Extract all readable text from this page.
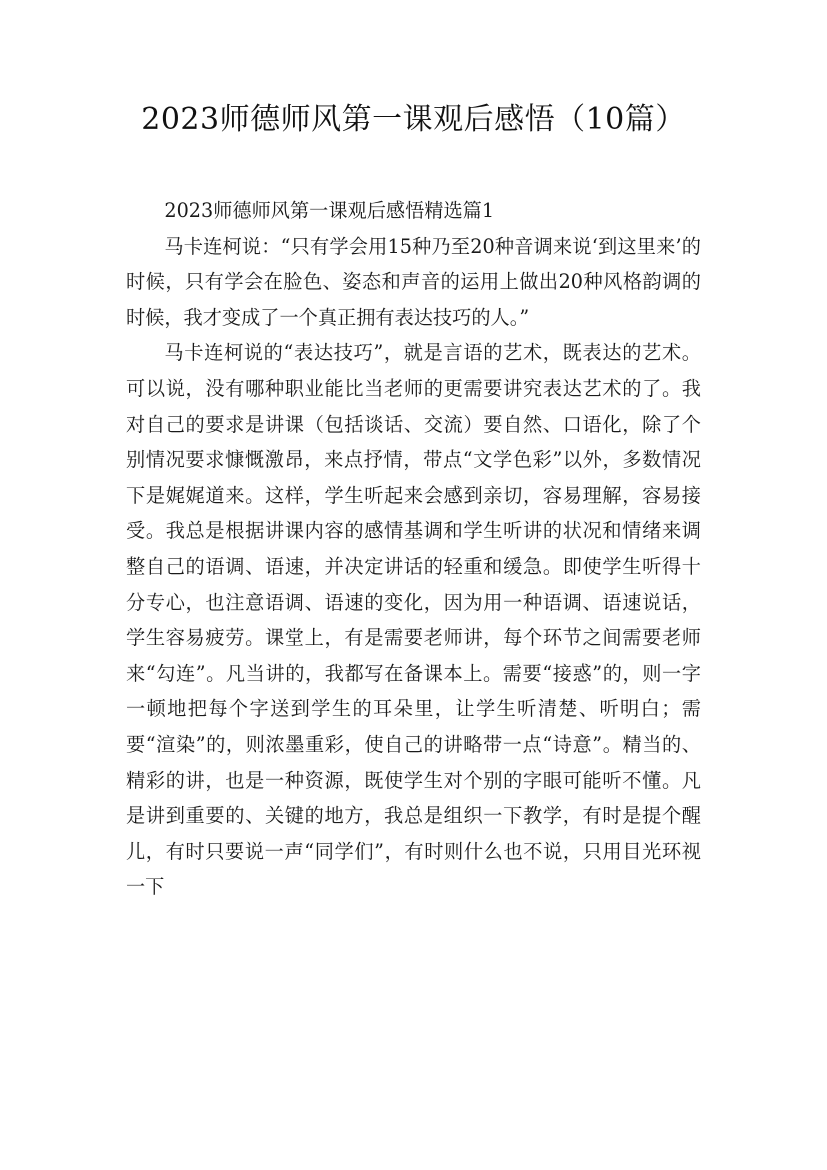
2023师德师风第一课观后感悟（10篇）

2023师德师风第一课观后感悟精选篇1

马卡连柯说：“只有学会用15种乃至20种音调来说‘到这里来’的时候，只有学会在脸色、姿态和声音的运用上做出20种风格韵调的时候，我才变成了一个真正拥有表达技巧的人。”

马卡连柯说的“表达技巧”，就是言语的艺术，既表达的艺术。可以说，没有哪种职业能比当老师的更需要讲究表达艺术的了。我对自己的要求是讲课（包括谈话、交流）要自然、口语化，除了个别情况要求慷慨激昂，来点抒情，带点“文学色彩”以外，多数情况下是娓娓道来。这样，学生听起来会感到亲切，容易理解，容易接受。我总是根据讲课内容的感情基调和学生听讲的状况和情绪来调整自己的语调、语速，并决定讲话的轻重和缓急。即使学生听得十分专心，也注意语调、语速的变化，因为用一种语调、语速说话，学生容易疲劳。课堂上，有是需要老师讲，每个环节之间需要老师来“勾连”。凡当讲的，我都写在备课本上。需要“接惑”的，则一字一顿地把每个字送到学生的耳朵里，让学生听清楚、听明白；需要“渲染”的，则浓墨重彩，使自己的讲略带一点“诗意”。精当的、精彩的讲，也是一种资源，既使学生对个别的字眼可能听不懂。凡是讲到重要的、关键的地方，我总是组织一下教学，有时是提个醒儿，有时只要说一声“同学们”，有时则什么也不说，只用目光环视一下
